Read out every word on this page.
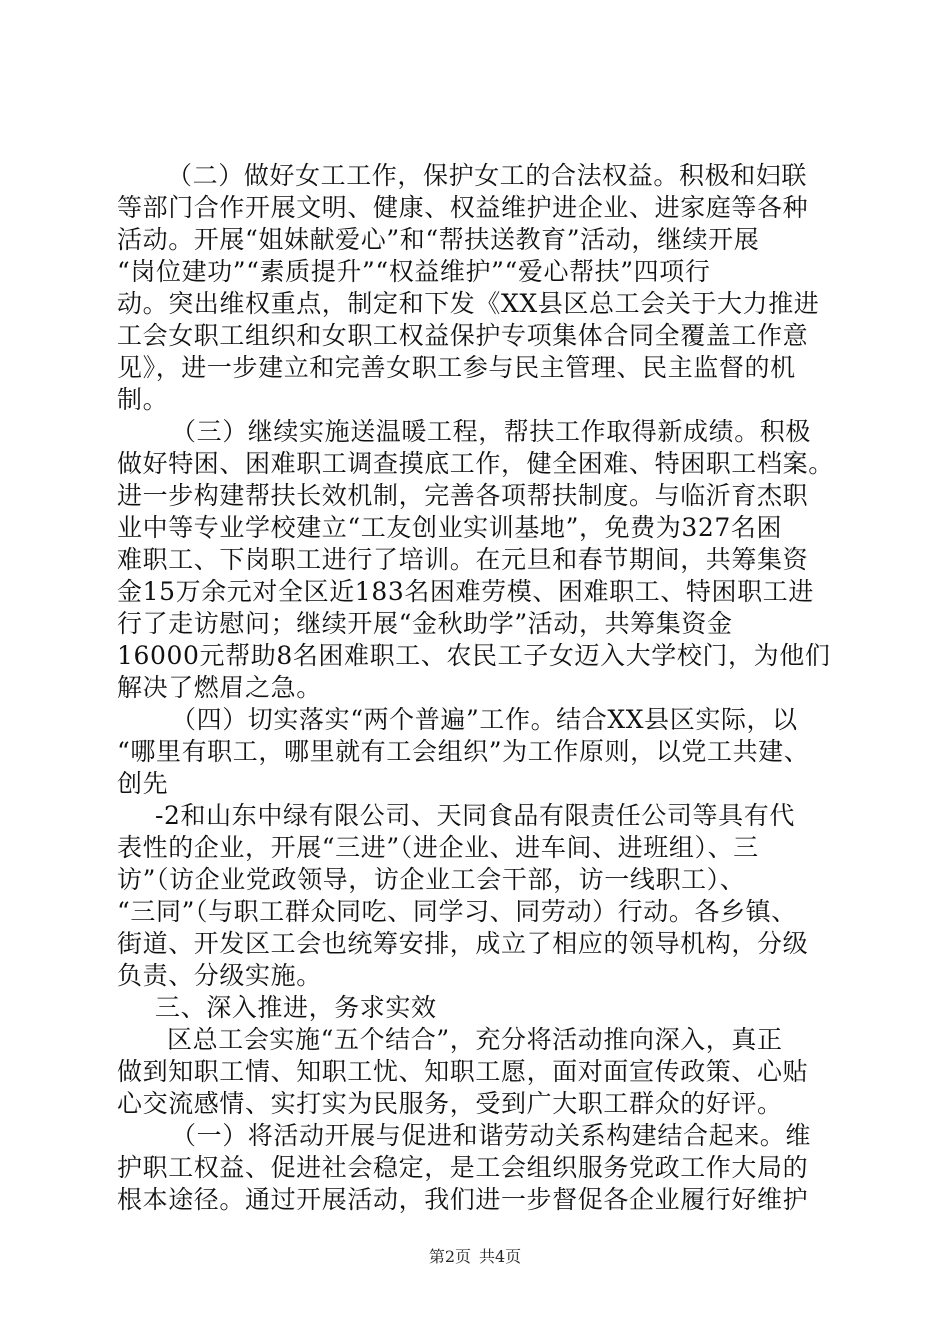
（二）做好女工工作，保护女工的合法权益。积极和妇联
等部门合作开展文明、健康、权益维护进企业、进家庭等各种
活动。开展“姐妹献爱心”和“帮扶送教育”活动，继续开展
“岗位建功”“素质提升”“权益维护”“爱心帮扶”四项行
动。突出维权重点，制定和下发《XX县区总工会关于大力推进
工会女职工组织和女职工权益保护专项集体合同全覆盖工作意
见》，进一步建立和完善女职工参与民主管理、民主监督的机
制。
（三）继续实施送温暖工程，帮扶工作取得新成绩。积极
做好特困、困难职工调查摸底工作，健全困难、特困职工档案。
进一步构建帮扶长效机制，完善各项帮扶制度。与临沂育杰职
业中等专业学校建立“工友创业实训基地”，免费为327名困
难职工、下岗职工进行了培训。在元旦和春节期间，共筹集资
金15万余元对全区近183名困难劳模、困难职工、特困职工进
行了走访慰问；继续开展“金秋助学”活动，共筹集资金
16000元帮助8名困难职工、农民工子女迈入大学校门，为他们
解决了燃眉之急。
（四）切实落实“两个普遍”工作。结合XX县区实际，以
“哪里有职工，哪里就有工会组织”为工作原则，以党工共建、
创先
-2和山东中绿有限公司、天同食品有限责任公司等具有代
表性的企业，开展“三进”（进企业、进车间、进班组）、三
访”（访企业党政领导，访企业工会干部，访一线职工）、
“三同”（与职工群众同吃、同学习、同劳动）行动。各乡镇、
街道、开发区工会也统筹安排，成立了相应的领导机构，分级
负责、分级实施。
三、深入推进，务求实效
区总工会实施“五个结合”，充分将活动推向深入，真正
做到知职工情、知职工忧、知职工愿，面对面宣传政策、心贴
心交流感情、实打实为民服务，受到广大职工群众的好评。
（一）将活动开展与促进和谐劳动关系构建结合起来。维
护职工权益、促进社会稳定，是工会组织服务党政工作大局的
根本途径。通过开展活动，我们进一步督促各企业履行好维护
第2页 共4页
